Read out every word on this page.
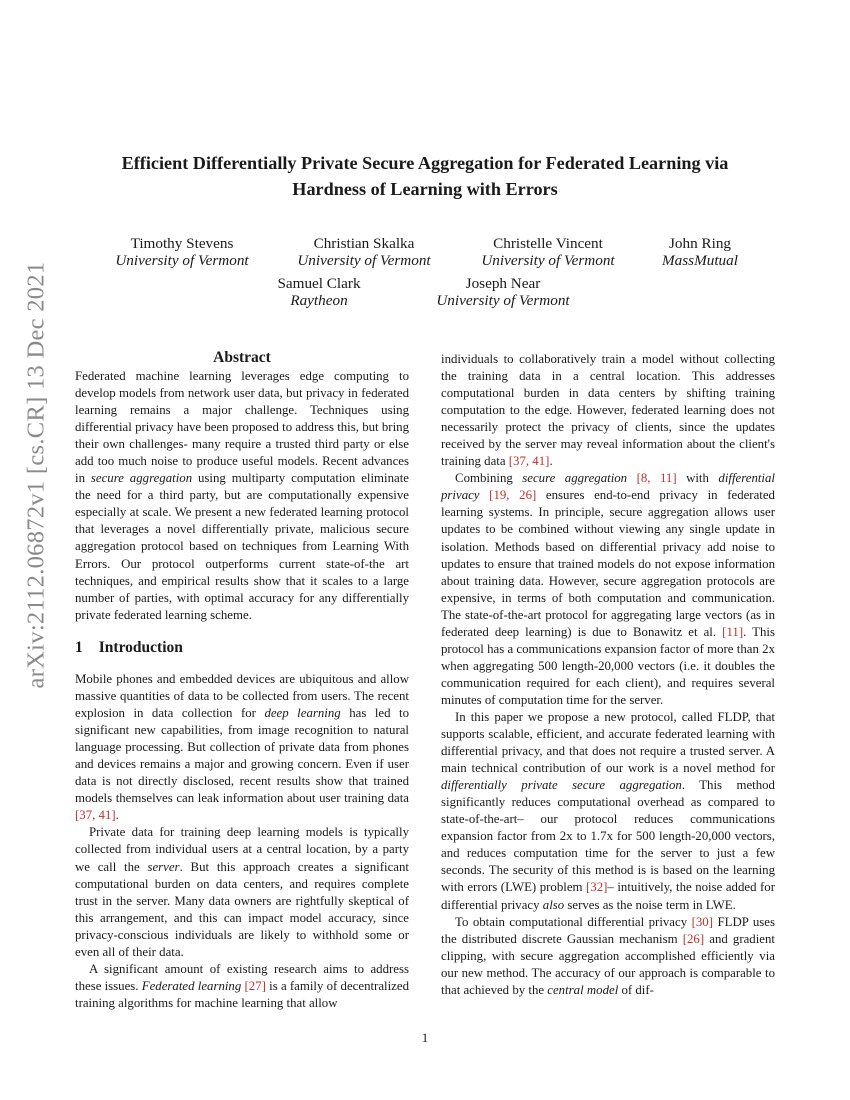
arXiv:2112.06872v1 [cs.CR] 13 Dec 2021
Efficient Differentially Private Secure Aggregation for Federated Learning via
Hardness of Learning with Errors
Timothy Stevens
University of Vermont
Christian Skalka
University of Vermont
Christelle Vincent
University of Vermont
John Ring
MassMutual
Samuel Clark
Raytheon
Joseph Near
University of Vermont
Abstract

Federated machine learning leverages edge computing to develop models from network user data, but privacy in federated learning remains a major challenge. Techniques using differential privacy have been proposed to address this, but bring their own challenges- many require a trusted third party or else add too much noise to produce useful models. Recent advances in secure aggregation using multiparty computation eliminate the need for a third party, but are computationally expensive especially at scale. We present a new federated learning protocol that leverages a novel differentially private, malicious secure aggregation protocol based on techniques from Learning With Errors. Our protocol outperforms current state-of-the art techniques, and empirical results show that it scales to a large number of parties, with optimal accuracy for any differentially private federated learning scheme.

1 Introduction

Mobile phones and embedded devices are ubiquitous and allow massive quantities of data to be collected from users. The recent explosion in data collection for deep learning has led to significant new capabilities, from image recognition to natural language processing. But collection of private data from phones and devices remains a major and growing concern. Even if user data is not directly disclosed, recent results show that trained models themselves can leak information about user training data [37, 41].

Private data for training deep learning models is typically collected from individual users at a central location, by a party we call the server. But this approach creates a significant computational burden on data centers, and requires complete trust in the server. Many data owners are rightfully skeptical of this arrangement, and this can impact model accuracy, since privacy-conscious individuals are likely to withhold some or even all of their data.

A significant amount of existing research aims to address these issues. Federated learning [27] is a family of decentralized training algorithms for machine learning that allow

individuals to collaboratively train a model without collecting the training data in a central location. This addresses computational burden in data centers by shifting training computation to the edge. However, federated learning does not necessarily protect the privacy of clients, since the updates received by the server may reveal information about the client's training data [37, 41].

Combining secure aggregation [8, 11] with differential privacy [19, 26] ensures end-to-end privacy in federated learning systems. In principle, secure aggregation allows user updates to be combined without viewing any single update in isolation. Methods based on differential privacy add noise to updates to ensure that trained models do not expose information about training data. However, secure aggregation protocols are expensive, in terms of both computation and communication. The state-of-the-art protocol for aggregating large vectors (as in federated deep learning) is due to Bonawitz et al. [11]. This protocol has a communications expansion factor of more than 2x when aggregating 500 length-20,000 vectors (i.e. it doubles the communication required for each client), and requires several minutes of computation time for the server.

In this paper we propose a new protocol, called FLDP, that supports scalable, efficient, and accurate federated learning with differential privacy, and that does not require a trusted server. A main technical contribution of our work is a novel method for differentially private secure aggregation. This method significantly reduces computational overhead as compared to state-of-the-art– our protocol reduces communications expansion factor from 2x to 1.7x for 500 length-20,000 vectors, and reduces computation time for the server to just a few seconds. The security of this method is is based on the learning with errors (LWE) problem [32]– intuitively, the noise added for differential privacy also serves as the noise term in LWE.

To obtain computational differential privacy [30] FLDP uses the distributed discrete Gaussian mechanism [26] and gradient clipping, with secure aggregation accomplished efficiently via our new method. The accuracy of our approach is comparable to that achieved by the central model of dif-

1
